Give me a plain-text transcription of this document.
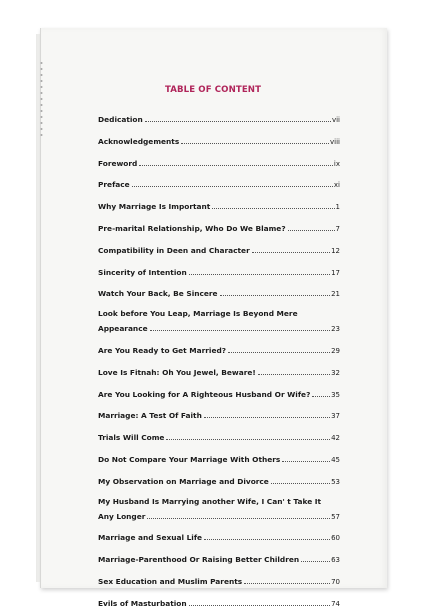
TABLE OF CONTENT
Dedication	vii
Acknowledgements	viii
Foreword	ix
Preface	xi
Why Marriage Is Important	1
Pre-marital Relationship, Who Do We Blame?	7
Compatibility in Deen and Character	12
Sincerity of Intention	17
Watch Your Back, Be Sincere	21
Look before You Leap, Marriage Is Beyond Mere
Appearance	23
Are You Ready to Get Married?	29
Love Is Fitnah: Oh You Jewel, Beware!	32
Are You Looking for A Righteous Husband Or Wife?	35
Marriage: A Test Of Faith	37
Trials Will Come	42
Do Not Compare Your Marriage With Others	45
My Observation on Marriage and Divorce	53
My Husband Is Marrying another Wife, I Can' t Take It
Any Longer	57
Marriage and Sexual Life	60
Marriage-Parenthood Or Raising Better Children	63
Sex Education and Muslim Parents	70
Evils of Masturbation	74
